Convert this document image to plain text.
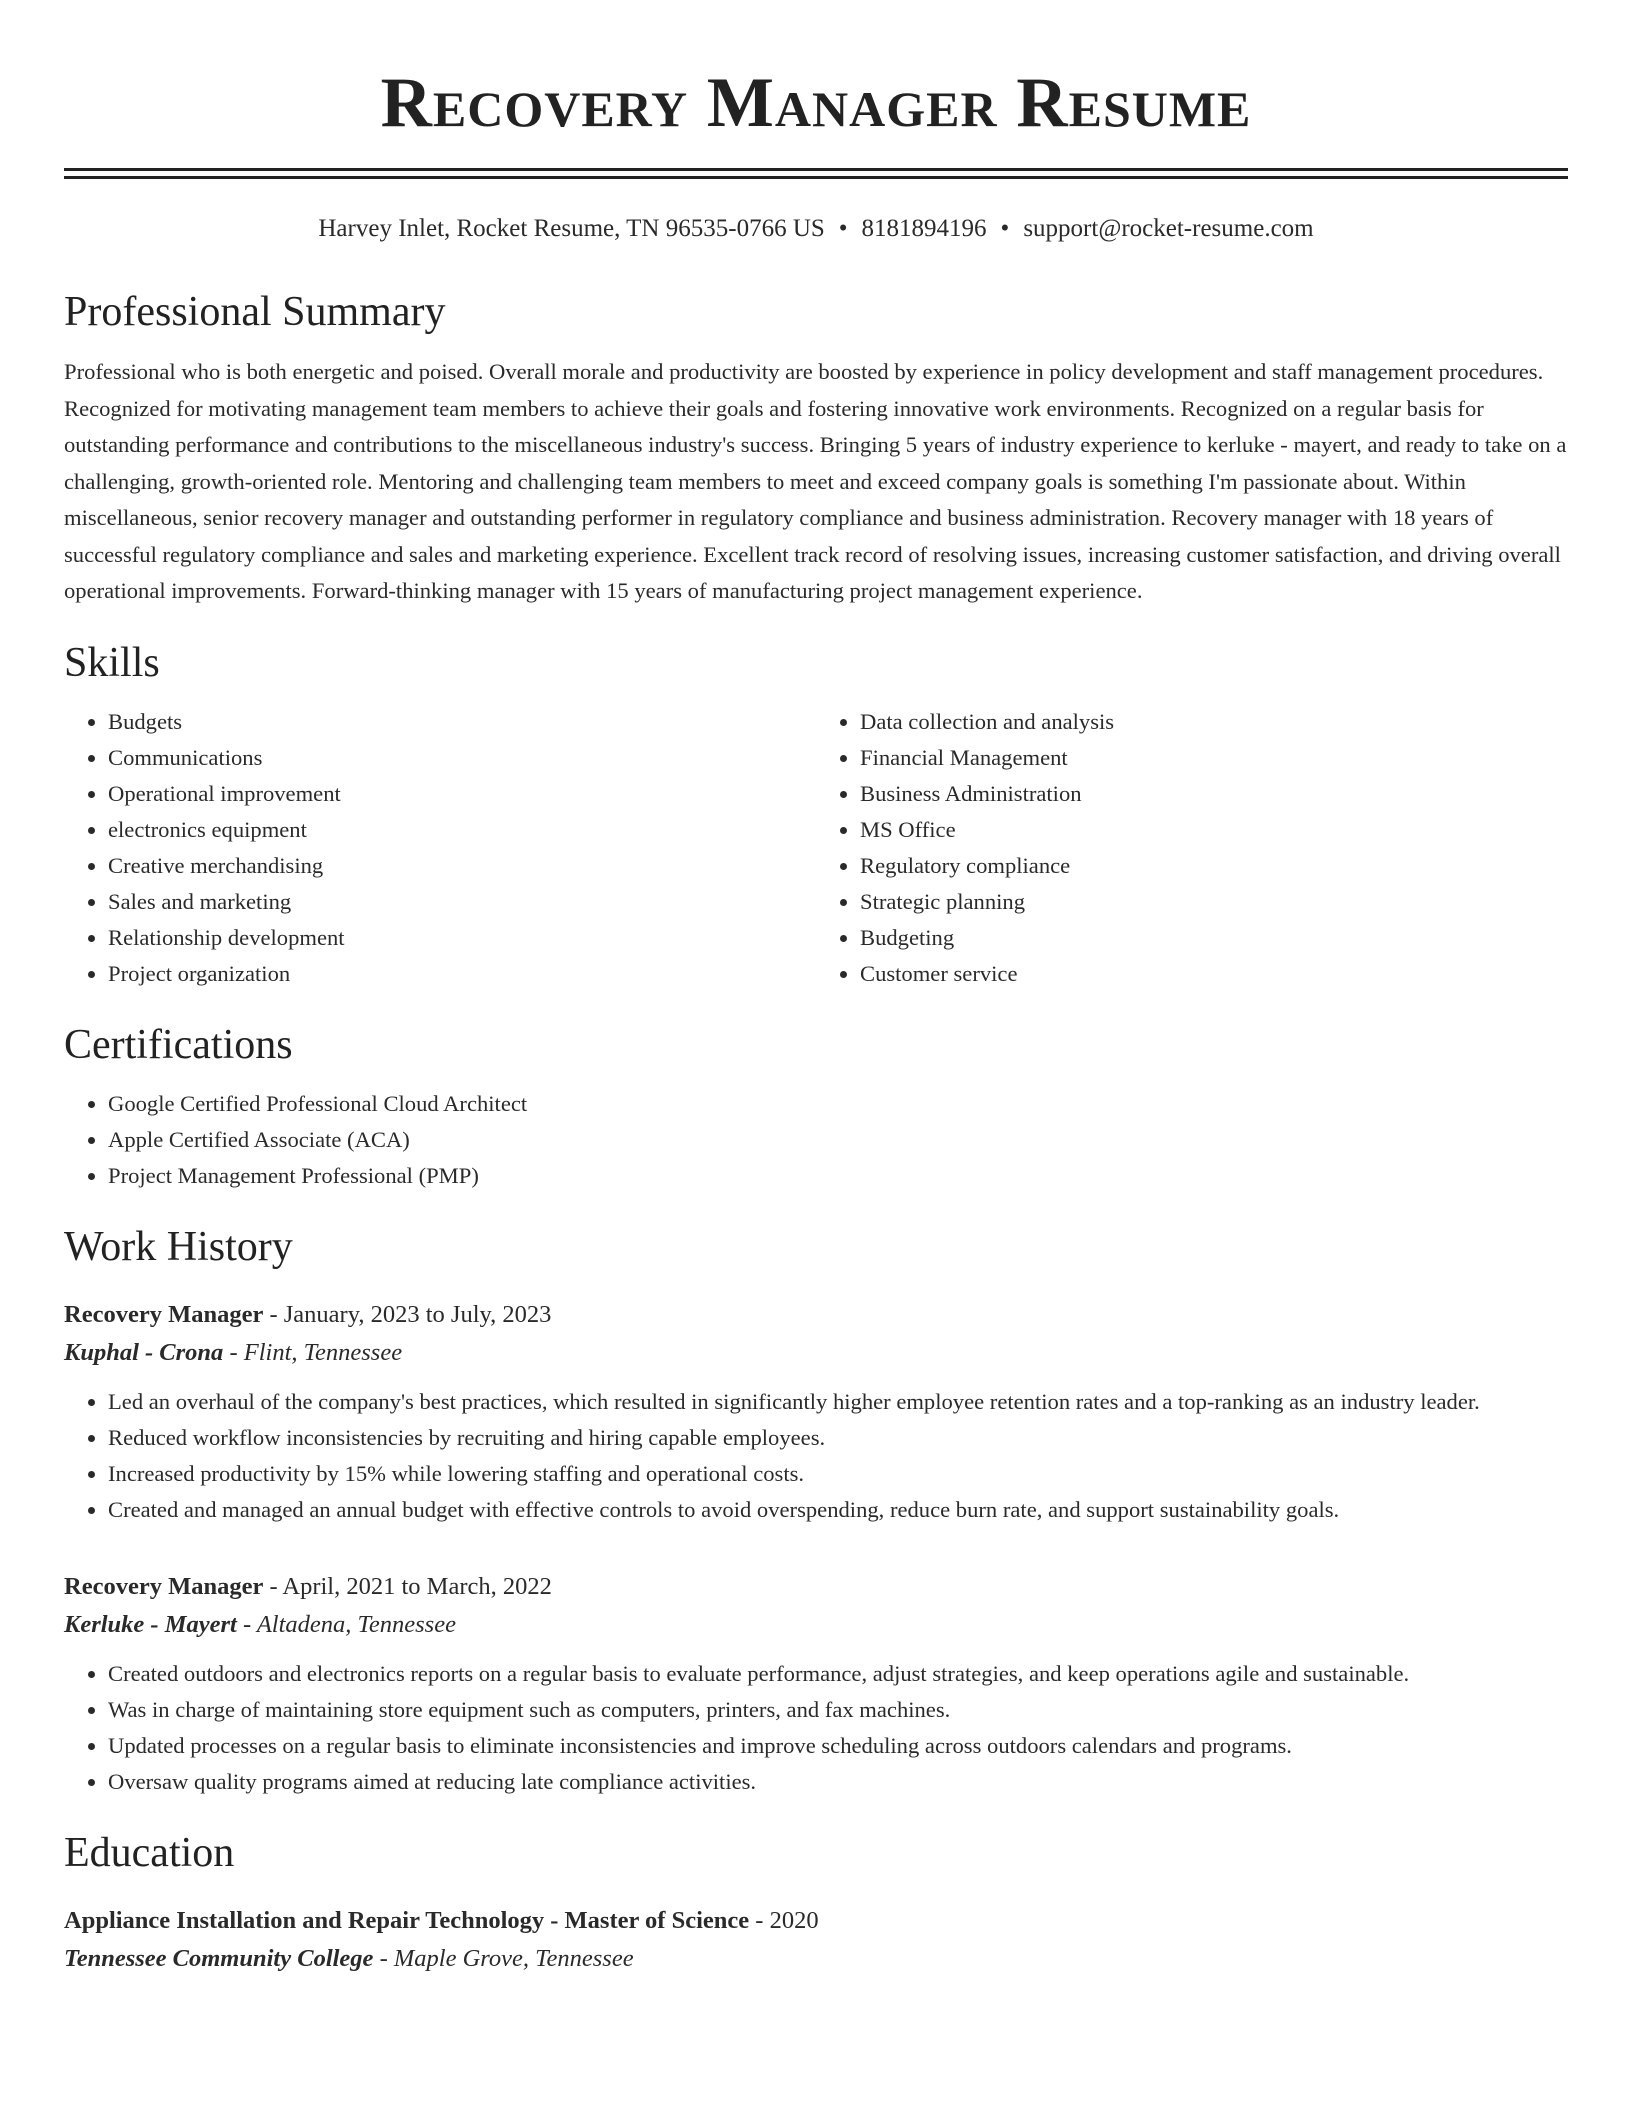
Recovery Manager Resume
Harvey Inlet, Rocket Resume, TN 96535-0766 US • 8181894196 • support@rocket-resume.com
Professional Summary

Professional who is both energetic and poised. Overall morale and productivity are boosted by experience in policy development and staff management procedures. Recognized for motivating management team members to achieve their goals and fostering innovative work environments. Recognized on a regular basis for outstanding performance and contributions to the miscellaneous industry's success. Bringing 5 years of industry experience to kerluke - mayert, and ready to take on a challenging, growth-oriented role. Mentoring and challenging team members to meet and exceed company goals is something I'm passionate about. Within miscellaneous, senior recovery manager and outstanding performer in regulatory compliance and business administration. Recovery manager with 18 years of successful regulatory compliance and sales and marketing experience. Excellent track record of resolving issues, increasing customer satisfaction, and driving overall operational improvements. Forward-thinking manager with 15 years of manufacturing project management experience.

Skills
• Budgets
• Communications
• Operational improvement
• electronics equipment
• Creative merchandising
• Sales and marketing
• Relationship development
• Project organization
• Data collection and analysis
• Financial Management
• Business Administration
• MS Office
• Regulatory compliance
• Strategic planning
• Budgeting
• Customer service
Certifications
• Google Certified Professional Cloud Architect
• Apple Certified Associate (ACA)
• Project Management Professional (PMP)
Work History
Recovery Manager - January, 2023 to July, 2023
Kuphal - Crona - Flint, Tennessee
• Led an overhaul of the company's best practices, which resulted in significantly higher employee retention rates and a top-ranking as an industry leader.
• Reduced workflow inconsistencies by recruiting and hiring capable employees.
• Increased productivity by 15% while lowering staffing and operational costs.
• Created and managed an annual budget with effective controls to avoid overspending, reduce burn rate, and support sustainability goals.
Recovery Manager - April, 2021 to March, 2022
Kerluke - Mayert - Altadena, Tennessee
• Created outdoors and electronics reports on a regular basis to evaluate performance, adjust strategies, and keep operations agile and sustainable.
• Was in charge of maintaining store equipment such as computers, printers, and fax machines.
• Updated processes on a regular basis to eliminate inconsistencies and improve scheduling across outdoors calendars and programs.
• Oversaw quality programs aimed at reducing late compliance activities.
Education
Appliance Installation and Repair Technology - Master of Science - 2020
Tennessee Community College - Maple Grove, Tennessee
